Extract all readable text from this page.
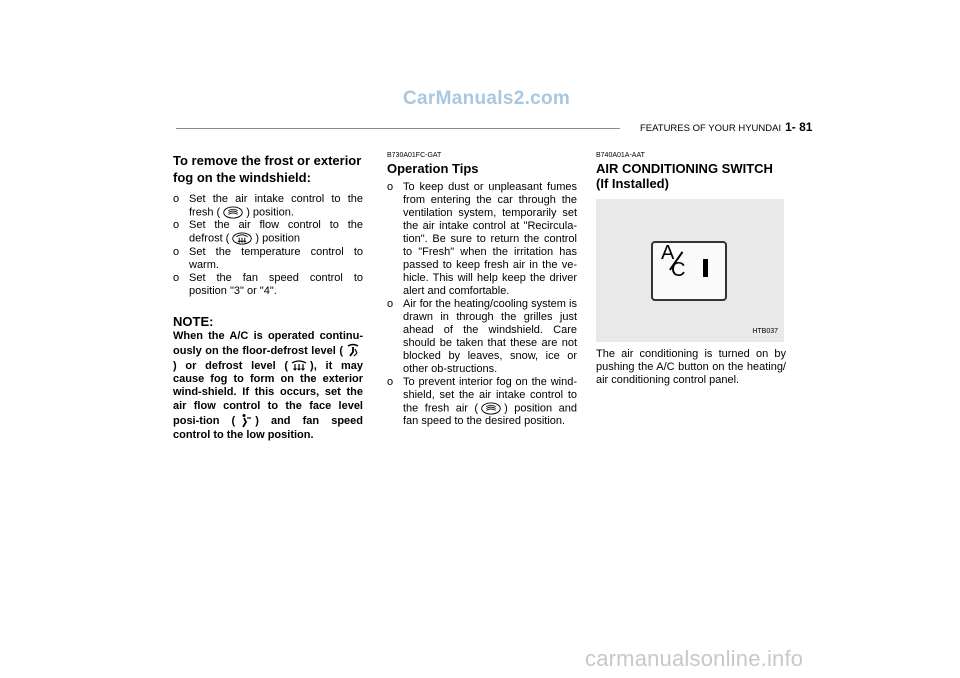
CarManuals2.com
FEATURES OF YOUR HYUNDAI 1- 81
To remove the frost or exterior fog on the windshield:
o Set the air intake control to the fresh ( ) position.
o Set the air flow control to the defrost ( ) position
o Set the temperature control to warm.
o Set the fan speed control to position "3" or "4".
NOTE:
When the A/C is operated continu-ously on the floor-defrost level () or defrost level ( ), it may cause fog to form on the exterior wind-shield. If this occurs, set the air flow control to the face level posi-tion ( ) and fan speed control to the low position.
B730A01FC-GAT
Operation Tips
o To keep dust or unpleasant fumes from entering the car through the ventilation system, temporarily set the air intake control at "Recircula-tion". Be sure to return the control to "Fresh" when the irritation has passed to keep fresh air in the ve-hicle. This will help keep the driver alert and comfortable.
o Air for the heating/cooling system is drawn in through the grilles just ahead of the windshield. Care should be taken that these are not blocked by leaves, snow, ice or other ob-structions.
o To prevent interior fog on the wind-shield, set the air intake control to the fresh air ( ) position and fan speed to the desired position.
B740A01A-AAT
AIR CONDITIONING SWITCH
(If Installed)
A
C
HTB037
The air conditioning is turned on by pushing the A/C button on the heating/ air conditioning control panel.
carmanualsonline.info
